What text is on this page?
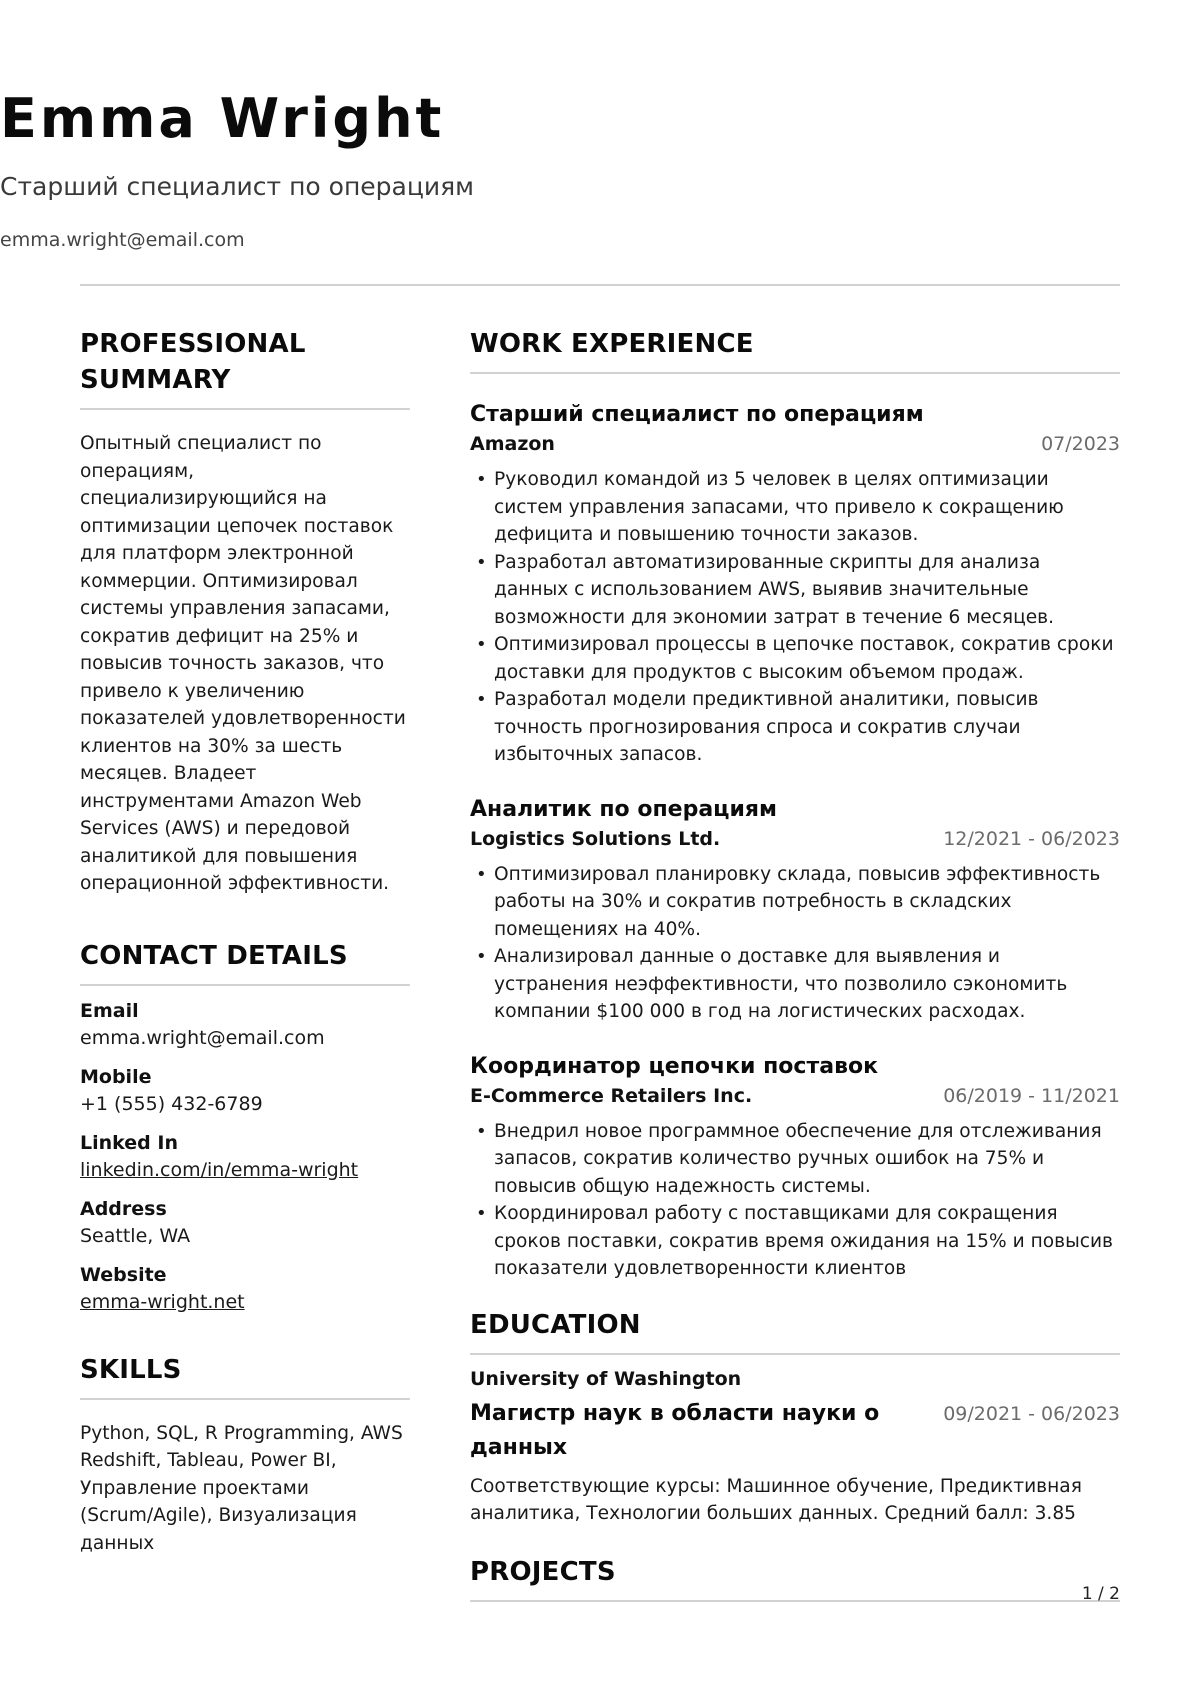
Emma Wright
Старший специалист по операциям
emma.wright@email.com
PROFESSIONAL
SUMMARY
Опытный специалист по операциям, специализирующийся на оптимизации цепочек поставок для платформ электронной коммерции. Оптимизировал системы управления запасами, сократив дефицит на 25% и повысив точность заказов, что привело к увеличению показателей удовлетворенности клиентов на 30% за шесть месяцев. Владеет инструментами Amazon Web Services (AWS) и передовой аналитикой для повышения операционной эффективности.
CONTACT DETAILS
Email
emma.wright@email.com
Mobile
+1 (555) 432-6789
Linked In
linkedin.com/in/emma-wright
Address
Seattle, WA
Website
emma-wright.net
SKILLS
Python, SQL, R Programming, AWS Redshift, Tableau, Power BI, Управление проектами (Scrum/Agile), Визуализация данных
WORK EXPERIENCE
Старший специалист по операциям
Amazon	07/2023
• Руководил командой из 5 человек в целях оптимизации систем управления запасами, что привело к сокращению дефицита и повышению точности заказов.
• Разработал автоматизированные скрипты для анализа данных с использованием AWS, выявив значительные возможности для экономии затрат в течение 6 месяцев.
• Оптимизировал процессы в цепочке поставок, сократив сроки доставки для продуктов с высоким объемом продаж.
• Разработал модели предиктивной аналитики, повысив точность прогнозирования спроса и сократив случаи избыточных запасов.
Аналитик по операциям
Logistics Solutions Ltd.	12/2021 - 06/2023
• Оптимизировал планировку склада, повысив эффективность работы на 30% и сократив потребность в складских помещениях на 40%.
• Анализировал данные о доставке для выявления и устранения неэффективности, что позволило сэкономить компании $100 000 в год на логистических расходах.
Координатор цепочки поставок
E-Commerce Retailers Inc.	06/2019 - 11/2021
• Внедрил новое программное обеспечение для отслеживания запасов, сократив количество ручных ошибок на 75% и повысив общую надежность системы.
• Координировал работу с поставщиками для сокращения сроков поставки, сократив время ожидания на 15% и повысив показатели удовлетворенности клиентов
EDUCATION
University of Washington
Магистр наук в области науки о данных
09/2021 - 06/2023
Соответствующие курсы: Машинное обучение, Предиктивная аналитика, Технологии больших данных. Средний балл: 3.85
PROJECTS
1 / 2
